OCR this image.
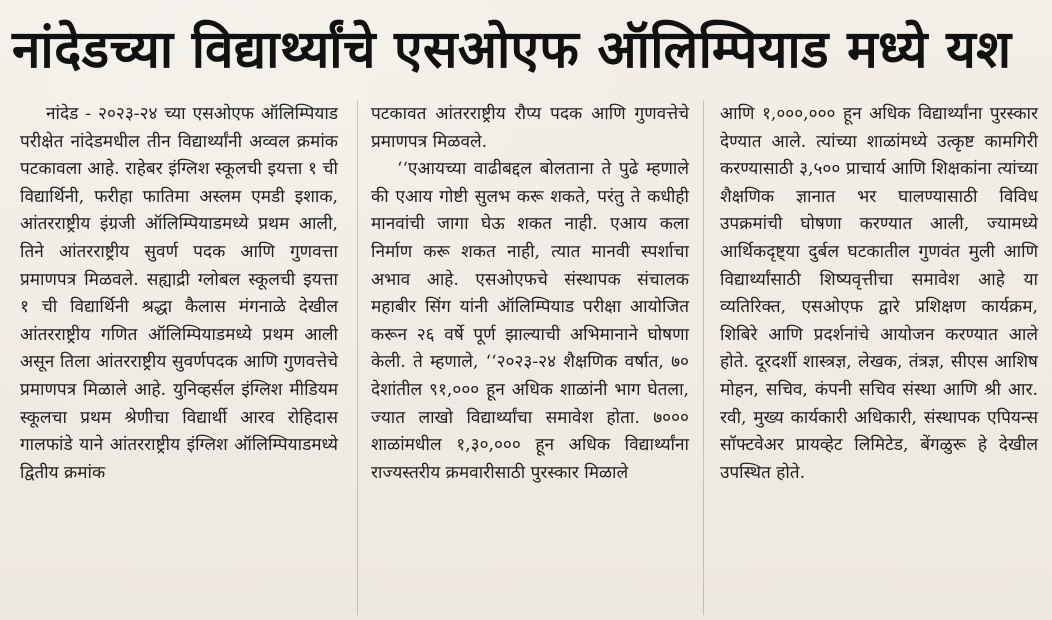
नांदेडच्या विद्यार्थ्यांचे एसओएफ ऑलिम्पियाड मध्ये यश

नांदेड - २०२३-२४ च्या एसओएफ ऑलिम्पियाड परीक्षेत नांदेडमधील तीन विद्यार्थ्यांनी अव्वल क्रमांक पटकावला आहे. राहेबर इंग्लिश स्कूलची इयत्ता १ ची विद्यार्थिनी, फरीहा फातिमा अस्लम एमडी इशाक, आंतरराष्ट्रीय इंग्रजी ऑलिम्पियाडमध्ये प्रथम आली, तिने आंतरराष्ट्रीय सुवर्ण पदक आणि गुणवत्ता प्रमाणपत्र मिळवले. सह्याद्री ग्लोबल स्कूलची इयत्ता १ ची विद्यार्थिनी श्रद्धा कैलास मंगनाळे देखील आंतरराष्ट्रीय गणित ऑलिम्पियाडमध्ये प्रथम आली असून तिला आंतरराष्ट्रीय सुवर्णपदक आणि गुणवत्तेचे प्रमाणपत्र मिळाले आहे. युनिव्हर्सल इंग्लिश मीडियम स्कूलचा प्रथम श्रेणीचा विद्यार्थी आरव रोहिदास गालफांडे याने आंतरराष्ट्रीय इंग्लिश ऑलिम्पियाडमध्ये द्वितीय क्रमांक

पटकावत आंतरराष्ट्रीय रौप्य पदक आणि गुणवत्तेचे प्रमाणपत्र मिळवले.

‘‘एआयच्या वाढीबद्दल बोलताना ते पुढे म्हणाले की एआय गोष्टी सुलभ करू शकते, परंतु ते कधीही मानवांची जागा घेऊ शकत नाही. एआय कला निर्माण करू शकत नाही, त्यात मानवी स्पर्शाचा अभाव आहे. एसओएफचे संस्थापक संचालक महाबीर सिंग यांनी ऑलिम्पियाड परीक्षा आयोजित करून २६ वर्षे पूर्ण झाल्याची अभिमानाने घोषणा केली. ते म्हणाले, ‘‘२०२३-२४ शैक्षणिक वर्षात, ७० देशांतील ९१,००० हून अधिक शाळांनी भाग घेतला, ज्यात लाखो विद्यार्थ्यांचा समावेश होता. ७००० शाळांमधील १,३०,००० हून अधिक विद्यार्थ्यांना राज्यस्तरीय क्रमवारीसाठी पुरस्कार मिळाले

आणि १,०००,००० हून अधिक विद्यार्थ्यांना पुरस्कार देण्यात आले. त्यांच्या शाळांमध्ये उत्कृष्ट कामगिरी करण्यासाठी ३,५०० प्राचार्य आणि शिक्षकांना त्यांच्या शैक्षणिक ज्ञानात भर घालण्यासाठी विविध उपक्रमांची घोषणा करण्यात आली, ज्यामध्ये आर्थिकदृष्ट्या दुर्बल घटकातील गुणवंत मुली आणि विद्यार्थ्यांसाठी शिष्यवृत्तीचा समावेश आहे या व्यतिरिक्त, एसओएफ द्वारे प्रशिक्षण कार्यक्रम, शिबिरे आणि प्रदर्शनांचे आयोजन करण्यात आले होते. दूरदर्शी शास्त्रज्ञ, लेखक, तंत्रज्ञ, सीएस आशिष मोहन, सचिव, कंपनी सचिव संस्था आणि श्री आर. रवी, मुख्य कार्यकारी अधिकारी, संस्थापक एपियन्स सॉफ्टवेअर प्रायव्हेट लिमिटेड, बेंगळुरू हे देखील उपस्थित होते.
